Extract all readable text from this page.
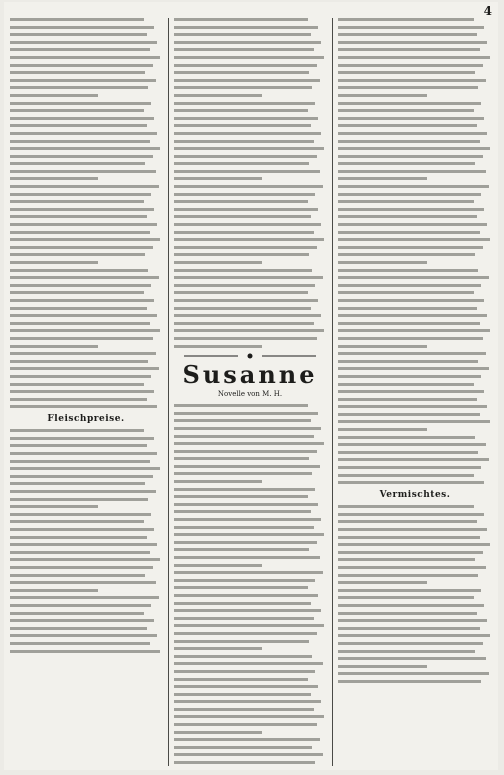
4

Fleischpreise.

Susanne

Novelle von M. H.

Vermischtes.
